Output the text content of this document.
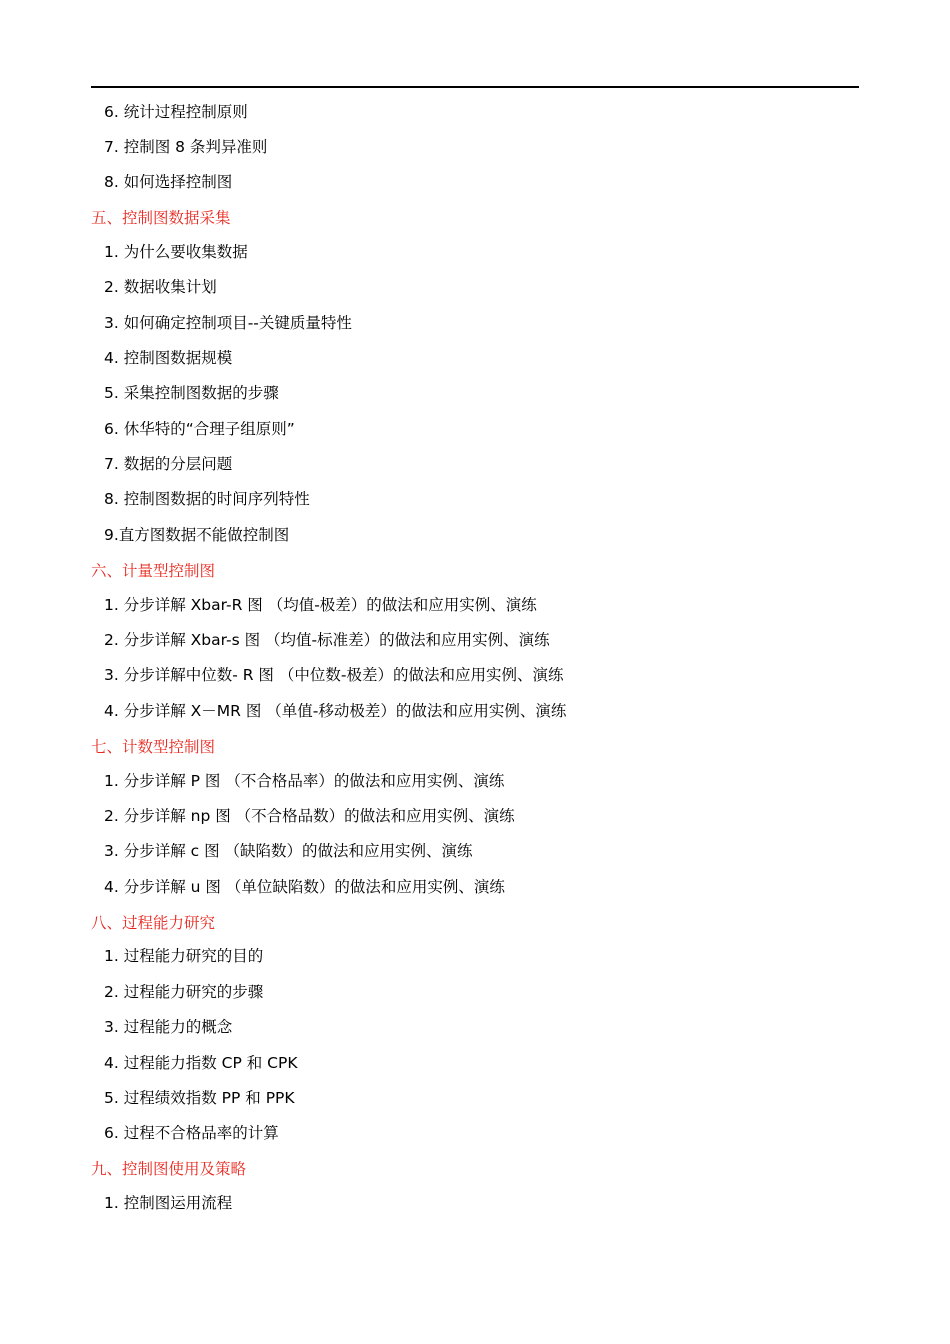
6. 统计过程控制原则
7. 控制图 8 条判异准则
8. 如何选择控制图
五、控制图数据采集
1. 为什么要收集数据
2. 数据收集计划
3. 如何确定控制项目--关键质量特性
4. 控制图数据规模
5. 采集控制图数据的步骤
6. 休华特的“合理子组原则”
7. 数据的分层问题
8. 控制图数据的时间序列特性
9.直方图数据不能做控制图
六、计量型控制图
1. 分步详解 Xbar-R 图 （均值-极差）的做法和应用实例、演练
2. 分步详解 Xbar-s 图 （均值-标准差）的做法和应用实例、演练
3. 分步详解中位数- R 图 （中位数-极差）的做法和应用实例、演练
4. 分步详解 X－MR 图 （单值-移动极差）的做法和应用实例、演练
七、计数型控制图
1. 分步详解 P 图 （不合格品率）的做法和应用实例、演练
2. 分步详解 np 图 （不合格品数）的做法和应用实例、演练
3. 分步详解 c 图 （缺陷数）的做法和应用实例、演练
4. 分步详解 u 图 （单位缺陷数）的做法和应用实例、演练
八、过程能力研究
1. 过程能力研究的目的
2. 过程能力研究的步骤
3. 过程能力的概念
4. 过程能力指数 CP 和 CPK
5. 过程绩效指数 PP 和 PPK
6. 过程不合格品率的计算
九、控制图使用及策略
1. 控制图运用流程
